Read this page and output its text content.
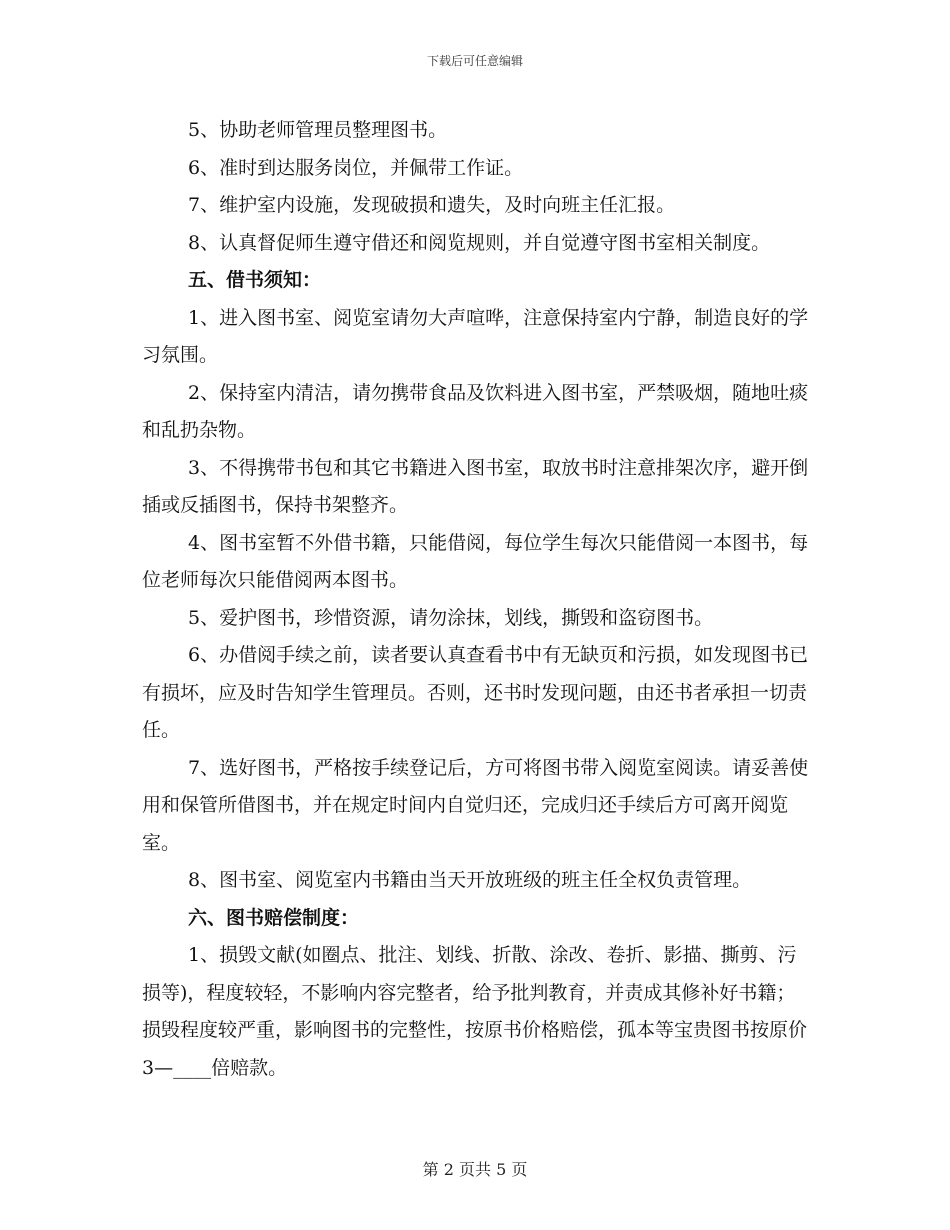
下载后可任意编辑

5、协助老师管理员整理图书。

6、准时到达服务岗位，并佩带工作证。

7、维护室内设施，发现破损和遗失，及时向班主任汇报。

8、认真督促师生遵守借还和阅览规则，并自觉遵守图书室相关制度。

五、借书须知：

1、进入图书室、阅览室请勿大声喧哗，注意保持室内宁静，制造良好的学习氛围。

2、保持室内清洁，请勿携带食品及饮料进入图书室，严禁吸烟，随地吐痰和乱扔杂物。

3、不得携带书包和其它书籍进入图书室，取放书时注意排架次序，避开倒插或反插图书，保持书架整齐。

4、图书室暂不外借书籍，只能借阅，每位学生每次只能借阅一本图书，每位老师每次只能借阅两本图书。

5、爱护图书，珍惜资源，请勿涂抹，划线，撕毁和盗窃图书。

6、办借阅手续之前，读者要认真查看书中有无缺页和污损，如发现图书已有损坏，应及时告知学生管理员。否则，还书时发现问题，由还书者承担一切责任。

7、选好图书，严格按手续登记后，方可将图书带入阅览室阅读。请妥善使用和保管所借图书，并在规定时间内自觉归还，完成归还手续后方可离开阅览室。

8、图书室、阅览室内书籍由当天开放班级的班主任全权负责管理。

六、图书赔偿制度：

1、损毁文献(如圈点、批注、划线、折散、涂改、卷折、影描、撕剪、污损等)，程度较轻，不影响内容完整者，给予批判教育，并责成其修补好书籍；损毁程度较严重，影响图书的完整性，按原书价格赔偿，孤本等宝贵图书按原价3—____倍赔款。

第 2 页共 5 页
